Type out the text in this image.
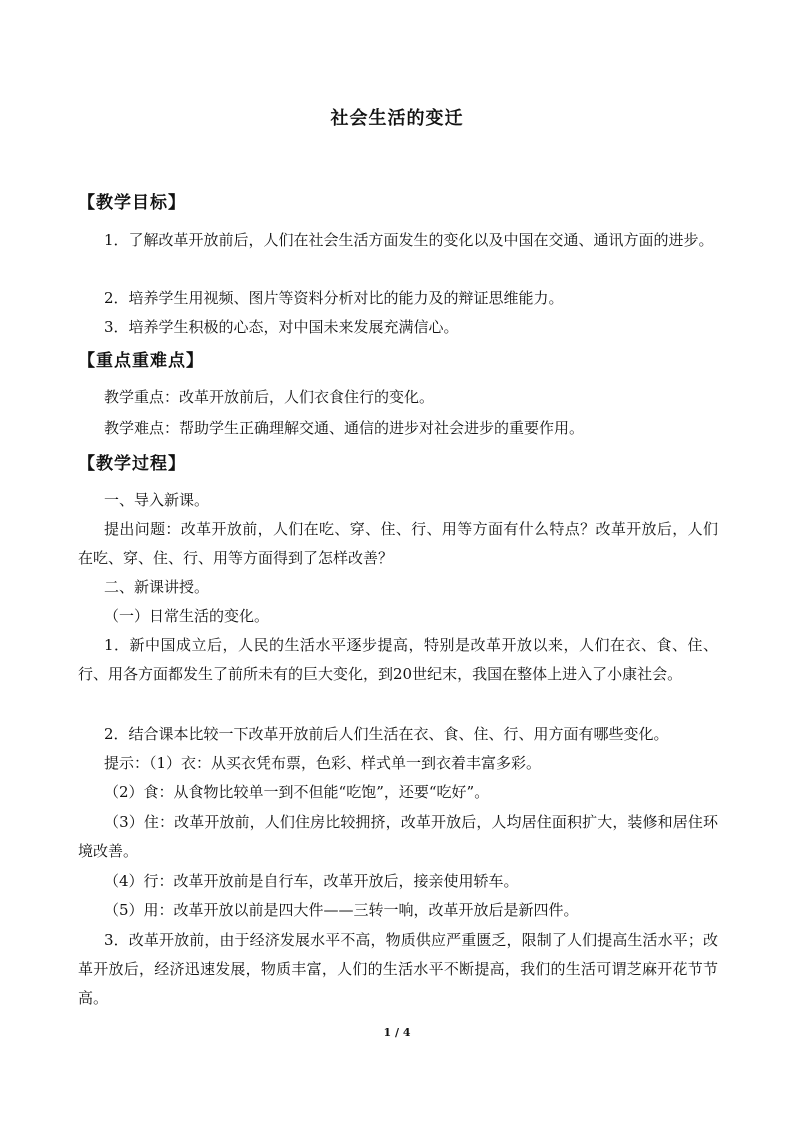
社会生活的变迁
【教学目标】
1．了解改革开放前后，人们在社会生活方面发生的变化以及中国在交通、通讯方面的进步。
2．培养学生用视频、图片等资料分析对比的能力及的辩证思维能力。
3．培养学生积极的心态，对中国未来发展充满信心。
【重点重难点】
教学重点：改革开放前后，人们衣食住行的变化。
教学难点：帮助学生正确理解交通、通信的进步对社会进步的重要作用。
【教学过程】
一、导入新课。
提出问题：改革开放前，人们在吃、穿、住、行、用等方面有什么特点？改革开放后，人们在吃、穿、住、行、用等方面得到了怎样改善？
二、新课讲授。
（一）日常生活的变化。
1．新中国成立后，人民的生活水平逐步提高，特别是改革开放以来，人们在衣、食、住、行、用各方面都发生了前所未有的巨大变化，到20世纪末，我国在整体上进入了小康社会。
2．结合课本比较一下改革开放前后人们生活在衣、食、住、行、用方面有哪些变化。
提示：（1）衣：从买衣凭布票，色彩、样式单一到衣着丰富多彩。
（2）食：从食物比较单一到不但能“吃饱”，还要“吃好”。
（3）住：改革开放前，人们住房比较拥挤，改革开放后，人均居住面积扩大，装修和居住环境改善。
（4）行：改革开放前是自行车，改革开放后，接亲使用轿车。
（5）用：改革开放以前是四大件——三转一响，改革开放后是新四件。
3．改革开放前，由于经济发展水平不高，物质供应严重匮乏，限制了人们提高生活水平；改革开放后，经济迅速发展，物质丰富，人们的生活水平不断提高，我们的生活可谓芝麻开花节节高。
1 / 4
